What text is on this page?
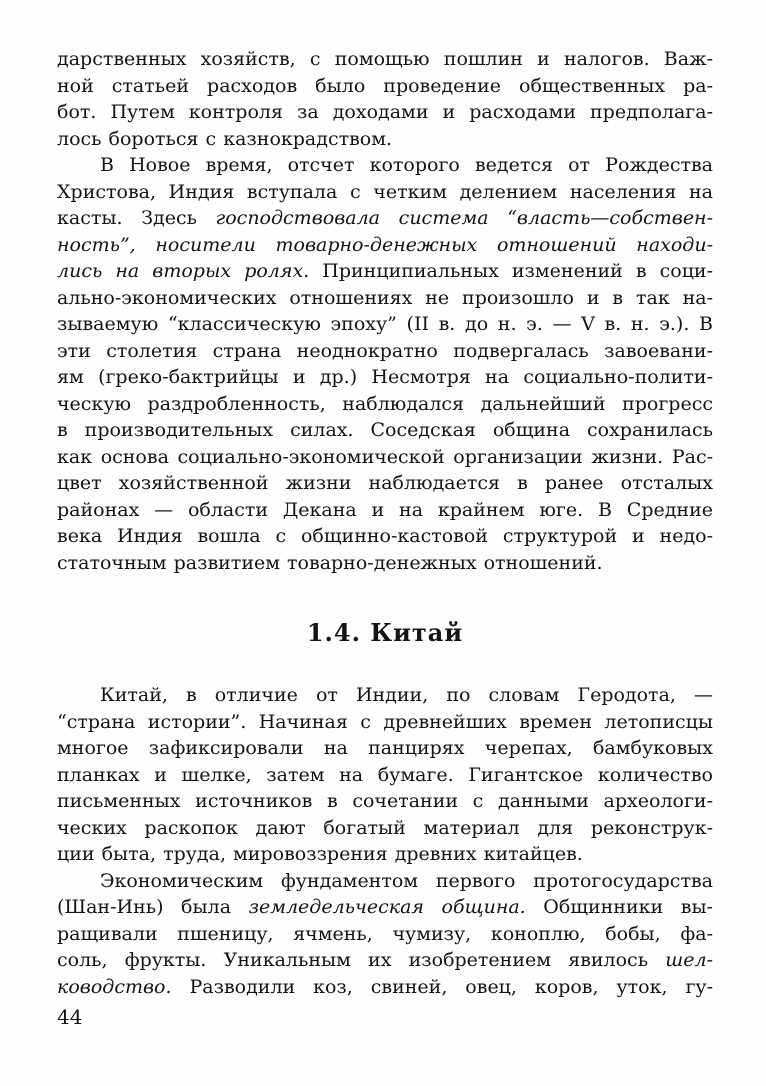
дарственных хозяйств, с помощью пошлин и налогов. Важ-
ной статьей расходов было проведение общественных ра-
бот. Путем контроля за доходами и расходами предполага-
лось бороться с казнокрадством.
В Новое время, отсчет которого ведется от Рождества
Христова, Индия вступала с четким делением населения на
касты. Здесь господствовала система “власть—собствен-
ность”, носители товарно-денежных отношений находи-
лись на вторых ролях. Принципиальных изменений в соци-
ально-экономических отношениях не произошло и в так на-
зываемую “классическую эпоху” (II в. до н. э. — V в. н. э.). В
эти столетия страна неоднократно подвергалась завоевани-
ям (греко-бактрийцы и др.) Несмотря на социально-полити-
ческую раздробленность, наблюдался дальнейший прогресс
в производительных силах. Соседская община сохранилась
как основа социально-экономической организации жизни. Рас-
цвет хозяйственной жизни наблюдается в ранее отсталых
районах — области Декана и на крайнем юге. В Средние
века Индия вошла с общинно-кастовой структурой и недо-
статочным развитием товарно-денежных отношений.
1.4. Китай
Китай, в отличие от Индии, по словам Геродота, —
“страна истории”. Начиная с древнейших времен летописцы
многое зафиксировали на панцирях черепах, бамбуковых
планках и шелке, затем на бумаге. Гигантское количество
письменных источников в сочетании с данными археологи-
ческих раскопок дают богатый материал для реконструк-
ции быта, труда, мировоззрения древних китайцев.
Экономическим фундаментом первого протогосударства
(Шан-Инь) была земледельческая община. Общинники вы-
ращивали пшеницу, ячмень, чумизу, коноплю, бобы, фа-
соль, фрукты. Уникальным их изобретением явилось шел-
ководство. Разводили коз, свиней, овец, коров, уток, гу-
44
